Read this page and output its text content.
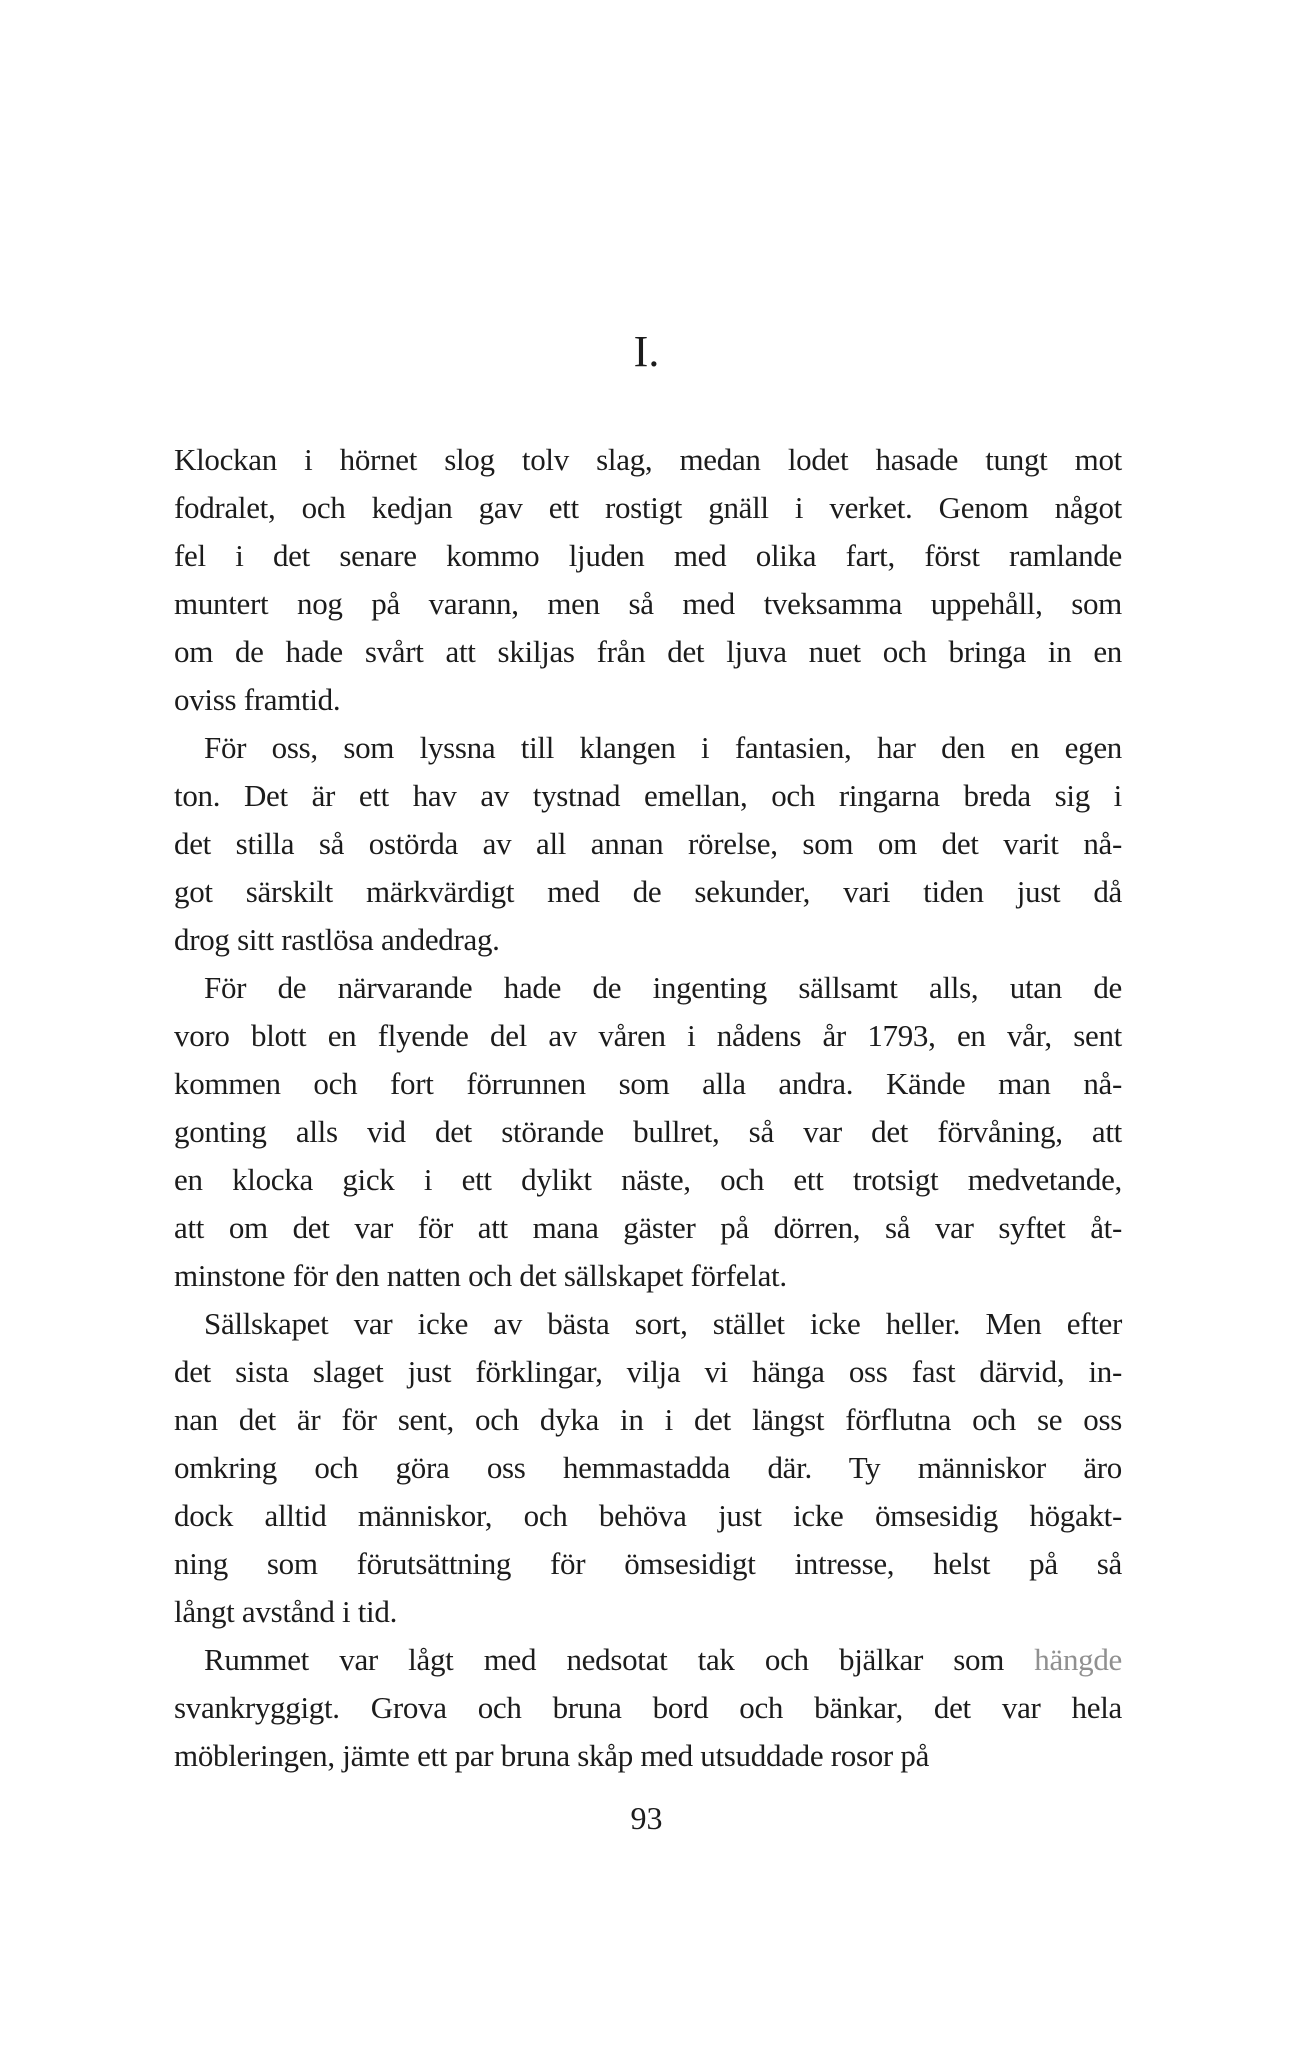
I.
Klockan i hörnet slog tolv slag, medan lodet hasade tungt mot
fodralet, och kedjan gav ett rostigt gnäll i verket. Genom något
fel i det senare kommo ljuden med olika fart, först ramlande
muntert nog på varann, men så med tveksamma uppehåll, som
om de hade svårt att skiljas från det ljuva nuet och bringa in en
oviss framtid.
För oss, som lyssna till klangen i fantasien, har den en egen
ton. Det är ett hav av tystnad emellan, och ringarna breda sig i
det stilla så ostörda av all annan rörelse, som om det varit nå-
got särskilt märkvärdigt med de sekunder, vari tiden just då
drog sitt rastlösa andedrag.
För de närvarande hade de ingenting sällsamt alls, utan de
voro blott en flyende del av våren i nådens år 1793, en vår, sent
kommen och fort förrunnen som alla andra. Kände man nå-
gonting alls vid det störande bullret, så var det förvåning, att
en klocka gick i ett dylikt näste, och ett trotsigt medvetande,
att om det var för att mana gäster på dörren, så var syftet åt-
minstone för den natten och det sällskapet förfelat.
Sällskapet var icke av bästa sort, stället icke heller. Men efter
det sista slaget just förklingar, vilja vi hänga oss fast därvid, in-
nan det är för sent, och dyka in i det längst förflutna och se oss
omkring och göra oss hemmastadda där. Ty människor äro
dock alltid människor, och behöva just icke ömsesidig högakt-
ning som förutsättning för ömsesidigt intresse, helst på så
långt avstånd i tid.
Rummet var lågt med nedsotat tak och bjälkar som hängde
svankryggigt. Grova och bruna bord och bänkar, det var hela
möbleringen, jämte ett par bruna skåp med utsuddade rosor på
93
